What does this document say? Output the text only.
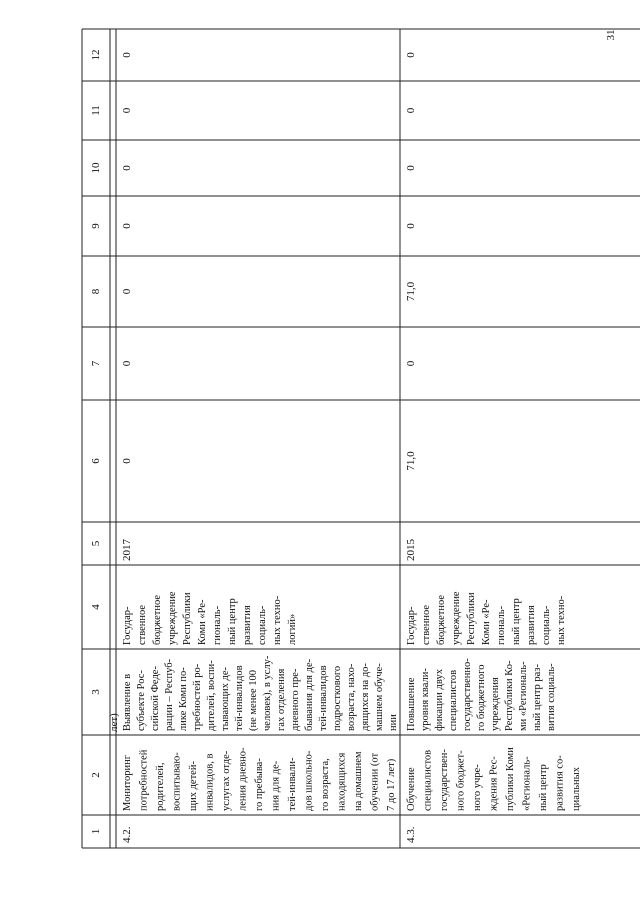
31
1
2
3
4
5
6
7
8
9
10
11
12
лет)
4.2.
Мониторинг потребностей родителей, воспитываю- щих детей- инвалидов, в услугах отде- ления дневно- го пребыва- ния для де- тей-инвали- дов школьно- го возраста, находящихся на домашнем обучении (от 7 до 17 лет)
Выявление в субъекте Рос- сийской Феде- рации – Респуб- лике Коми по- требностей ро- дителей, воспи- тывающих де- тей-инвалидов (не менее 100 человек), в услу- гах отделения дневного пре- бывания для де- тей-инвалидов подросткового возраста, нахо- дящихся на до- машнем обуче- нии
Государ- ственное бюджетное учреждение Республики Коми «Ре- гиональ- ный центр развития социаль- ных техно- логий»
2017
0
0
0
0
0
0
0
4.3.
Обучение специалистов государствен- ного бюджет- ного учре- ждения Рес- публики Коми «Региональ- ный центр развития со- циальных
Повышение уровня квали- фикации двух специалистов государственно- го бюджетного учреждения Республики Ко- ми «Региональ- ный центр раз- вития социаль-
Государ- ственное бюджетное учреждение Республики Коми «Ре- гиональ- ный центр развития социаль- ных техно-
2015
71,0
0
71,0
0
0
0
0
